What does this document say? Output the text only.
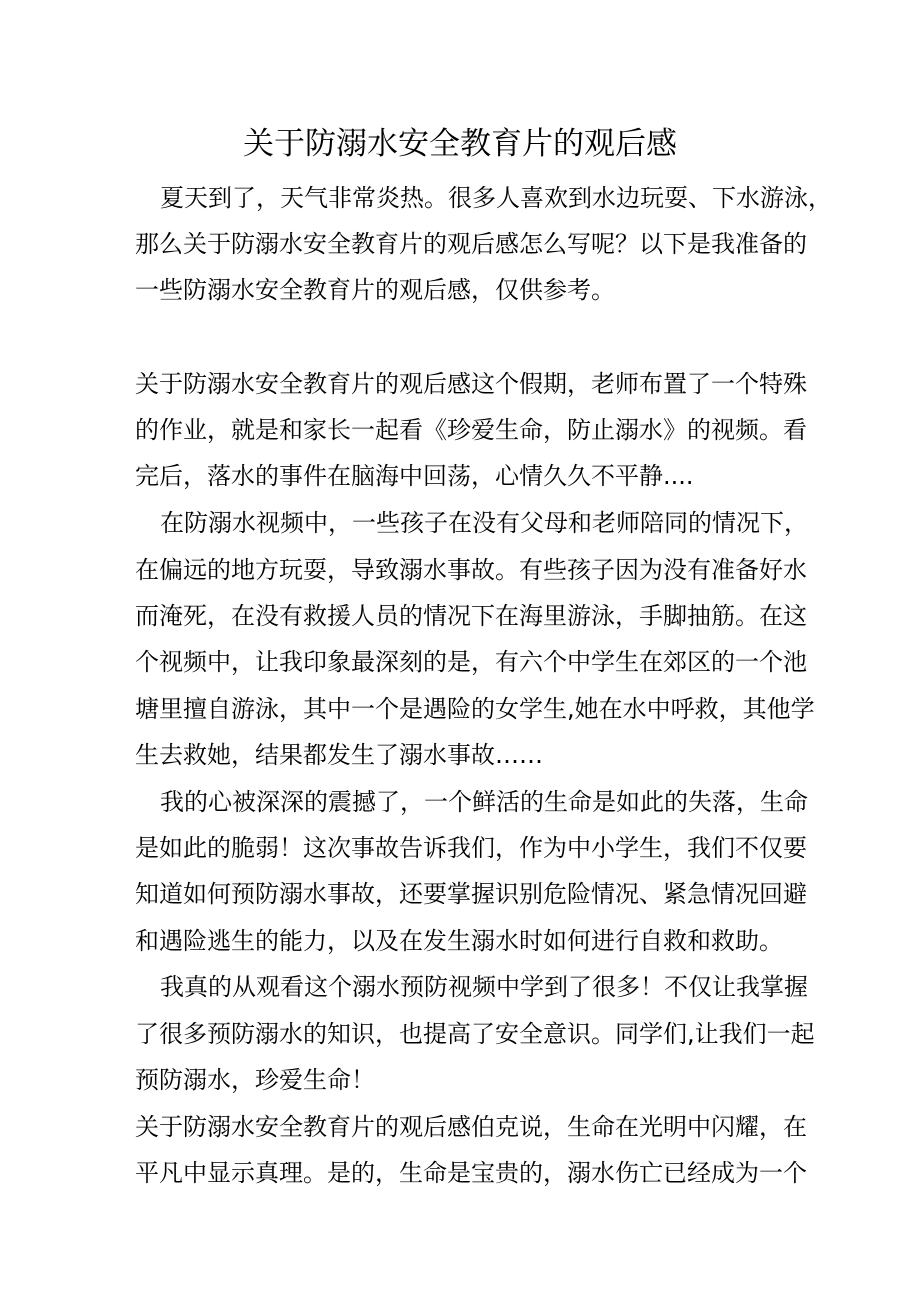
关于防溺水安全教育片的观后感
夏天到了，天气非常炎热。很多人喜欢到水边玩耍、下水游泳，
那么关于防溺水安全教育片的观后感怎么写呢？以下是我准备的
一些防溺水安全教育片的观后感，仅供参考。
关于防溺水安全教育片的观后感这个假期，老师布置了一个特殊
的作业，就是和家长一起看《珍爱生命，防止溺水》的视频。看
完后，落水的事件在脑海中回荡，心情久久不平静....
在防溺水视频中，一些孩子在没有父母和老师陪同的情况下，
在偏远的地方玩耍，导致溺水事故。有些孩子因为没有准备好水
而淹死，在没有救援人员的情况下在海里游泳，手脚抽筋。在这
个视频中，让我印象最深刻的是，有六个中学生在郊区的一个池
塘里擅自游泳，其中一个是遇险的女学生,她在水中呼救，其他学
生去救她，结果都发生了溺水事故……
我的心被深深的震撼了，一个鲜活的生命是如此的失落，生命
是如此的脆弱！这次事故告诉我们，作为中小学生，我们不仅要
知道如何预防溺水事故，还要掌握识别危险情况、紧急情况回避
和遇险逃生的能力，以及在发生溺水时如何进行自救和救助。
我真的从观看这个溺水预防视频中学到了很多！不仅让我掌握
了很多预防溺水的知识，也提高了安全意识。同学们,让我们一起
预防溺水，珍爱生命！
关于防溺水安全教育片的观后感伯克说，生命在光明中闪耀，在
平凡中显示真理。是的，生命是宝贵的，溺水伤亡已经成为一个
